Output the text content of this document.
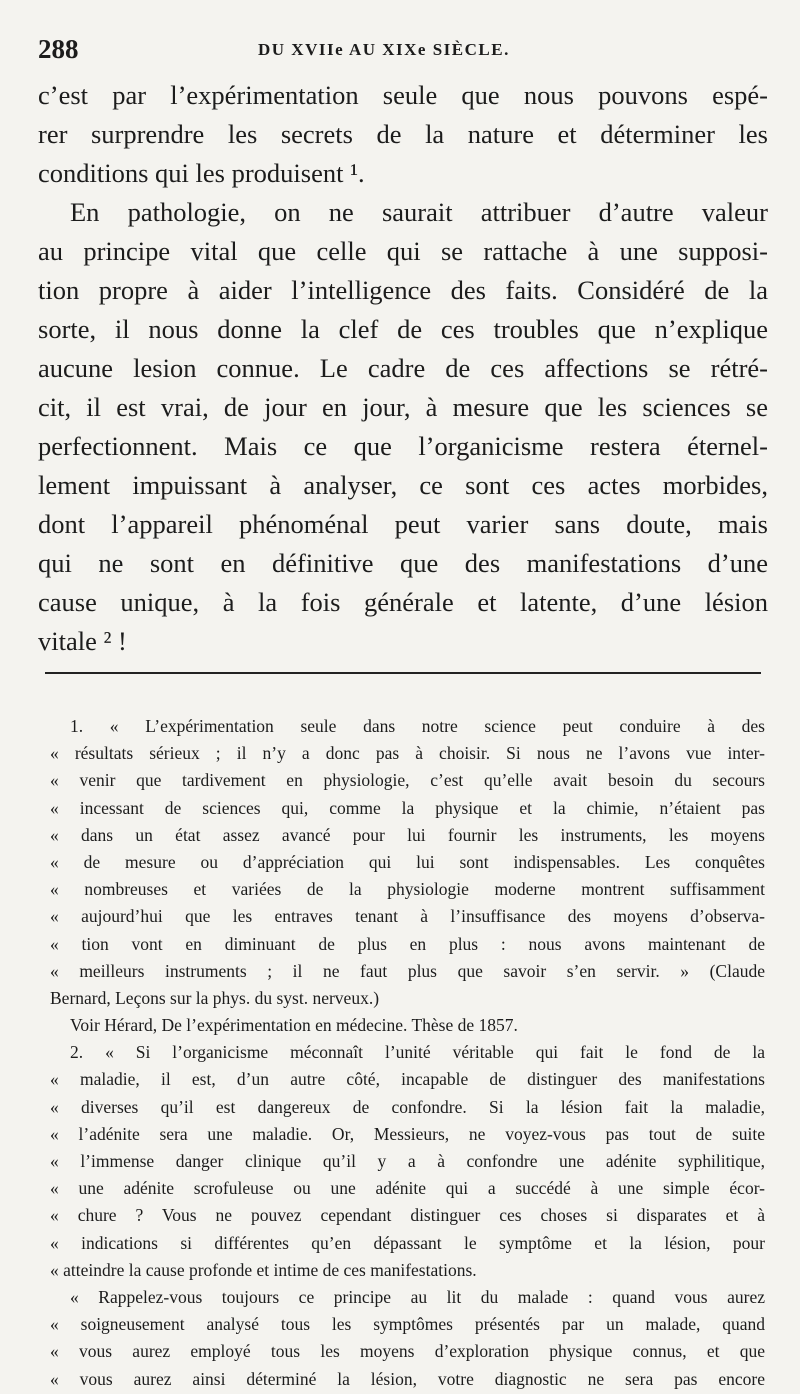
288	DU XVIIe AU XIXe SIÈCLE.
c’est par l’expérimentation seule que nous pouvons espé-
rer surprendre les secrets de la nature et déterminer les
conditions qui les produisent ¹.
En pathologie, on ne saurait attribuer d’autre valeur
au principe vital que celle qui se rattache à une supposi-
tion propre à aider l’intelligence des faits. Considéré de la
sorte, il nous donne la clef de ces troubles que n’explique
aucune lesion connue. Le cadre de ces affections se rétré-
cit, il est vrai, de jour en jour, à mesure que les sciences se
perfectionnent. Mais ce que l’organicisme restera éternel-
lement impuissant à analyser, ce sont ces actes morbides,
dont l’appareil phénoménal peut varier sans doute, mais
qui ne sont en définitive que des manifestations d’une
cause unique, à la fois générale et latente, d’une lésion
vitale ² !
1. « L’expérimentation seule dans notre science peut conduire à des
« résultats sérieux ; il n’y a donc pas à choisir. Si nous ne l’avons vue inter-
« venir que tardivement en physiologie, c’est qu’elle avait besoin du secours
« incessant de sciences qui, comme la physique et la chimie, n’étaient pas
« dans un état assez avancé pour lui fournir les instruments, les moyens
« de mesure ou d’appréciation qui lui sont indispensables. Les conquêtes
« nombreuses et variées de la physiologie moderne montrent suffisamment
« aujourd’hui que les entraves tenant à l’insuffisance des moyens d’observa-
« tion vont en diminuant de plus en plus : nous avons maintenant de
« meilleurs instruments ; il ne faut plus que savoir s’en servir. » (Claude
Bernard, Leçons sur la phys. du syst. nerveux.)
Voir Hérard, De l’expérimentation en médecine. Thèse de 1857.
2. « Si l’organicisme méconnaît l’unité véritable qui fait le fond de la
« maladie, il est, d’un autre côté, incapable de distinguer des manifestations
« diverses qu’il est dangereux de confondre. Si la lésion fait la maladie,
« l’adénite sera une maladie. Or, Messieurs, ne voyez-vous pas tout de suite
« l’immense danger clinique qu’il y a à confondre une adénite syphilitique,
« une adénite scrofuleuse ou une adénite qui a succédé à une simple écor-
« chure ? Vous ne pouvez cependant distinguer ces choses si disparates et à
« indications si différentes qu’en dépassant le symptôme et la lésion, pour
« atteindre la cause profonde et intime de ces manifestations.
« Rappelez-vous toujours ce principe au lit du malade : quand vous aurez
« soigneusement analysé tous les symptômes présentés par un malade, quand
« vous aurez employé tous les moyens d’exploration physique connus, et que
« vous aurez ainsi déterminé la lésion, votre diagnostic ne sera pas encore
